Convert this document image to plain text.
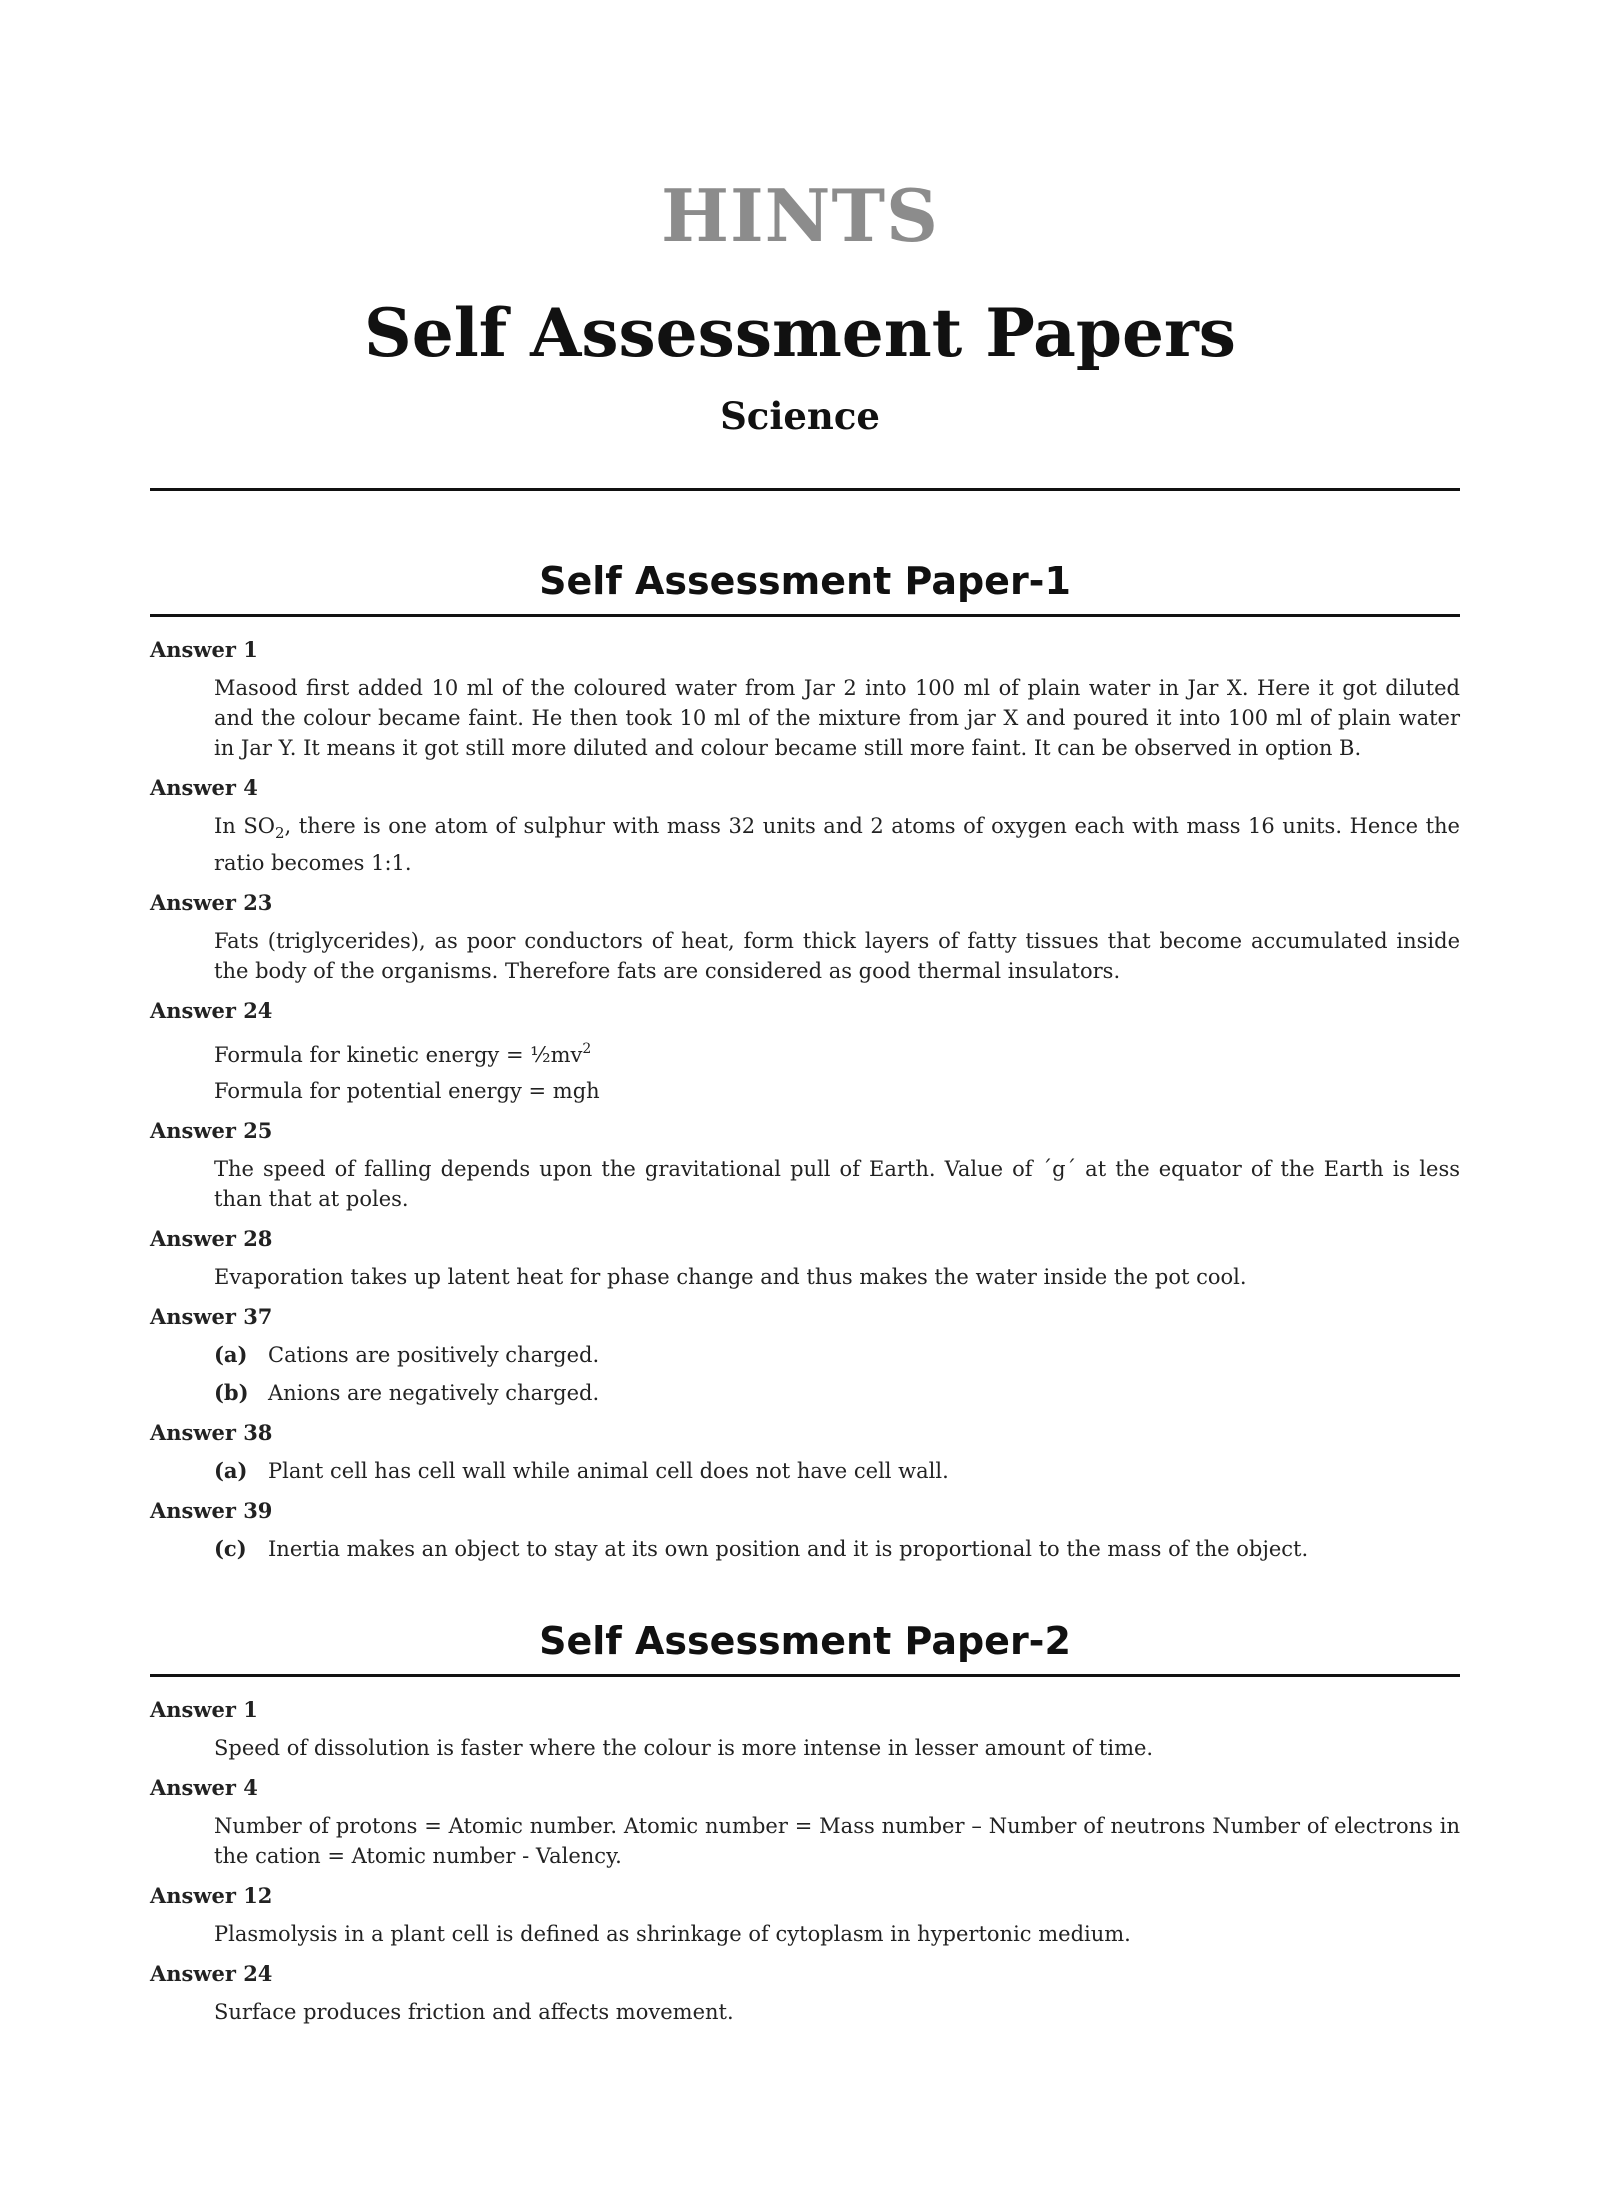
HINTS
Self Assessment Papers
Science
Self Assessment Paper-1
Answer 1
Masood first added 10 ml of the coloured water from Jar 2 into 100 ml of plain water in Jar X. Here it got diluted and the colour became faint. He then took 10 ml of the mixture from jar X and poured it into 100 ml of plain water in Jar Y. It means it got still more diluted and colour became still more faint. It can be observed in option B.
Answer 4
In $SO_2$, there is one atom of sulphur with mass 32 units and 2 atoms of oxygen each with mass 16 units. Hence the ratio becomes 1:1.
Answer 23
Fats (triglycerides), as poor conductors of heat, form thick layers of fatty tissues that become accumulated inside the body of the organisms. Therefore fats are considered as good thermal insulators.
Answer 24
Formula for kinetic energy = $\frac{1}{2}mv^2$
Formula for potential energy = mgh
Answer 25
The speed of falling depends upon the gravitational pull of Earth. Value of ´g´ at the equator of the Earth is less than that at poles.
Answer 28
Evaporation takes up latent heat for phase change and thus makes the water inside the pot cool.
Answer 37
(a) Cations are positively charged.
(b) Anions are negatively charged.
Answer 38
(a) Plant cell has cell wall while animal cell does not have cell wall.
Answer 39
(c) Inertia makes an object to stay at its own position and it is proportional to the mass of the object.
Self Assessment Paper-2
Answer 1
Speed of dissolution is faster where the colour is more intense in lesser amount of time.
Answer 4
Number of protons = Atomic number. Atomic number = Mass number – Number of neutrons Number of electrons in the cation = Atomic number - Valency.
Answer 12
Plasmolysis in a plant cell is defined as shrinkage of cytoplasm in hypertonic medium.
Answer 24
Surface produces friction and affects movement.
